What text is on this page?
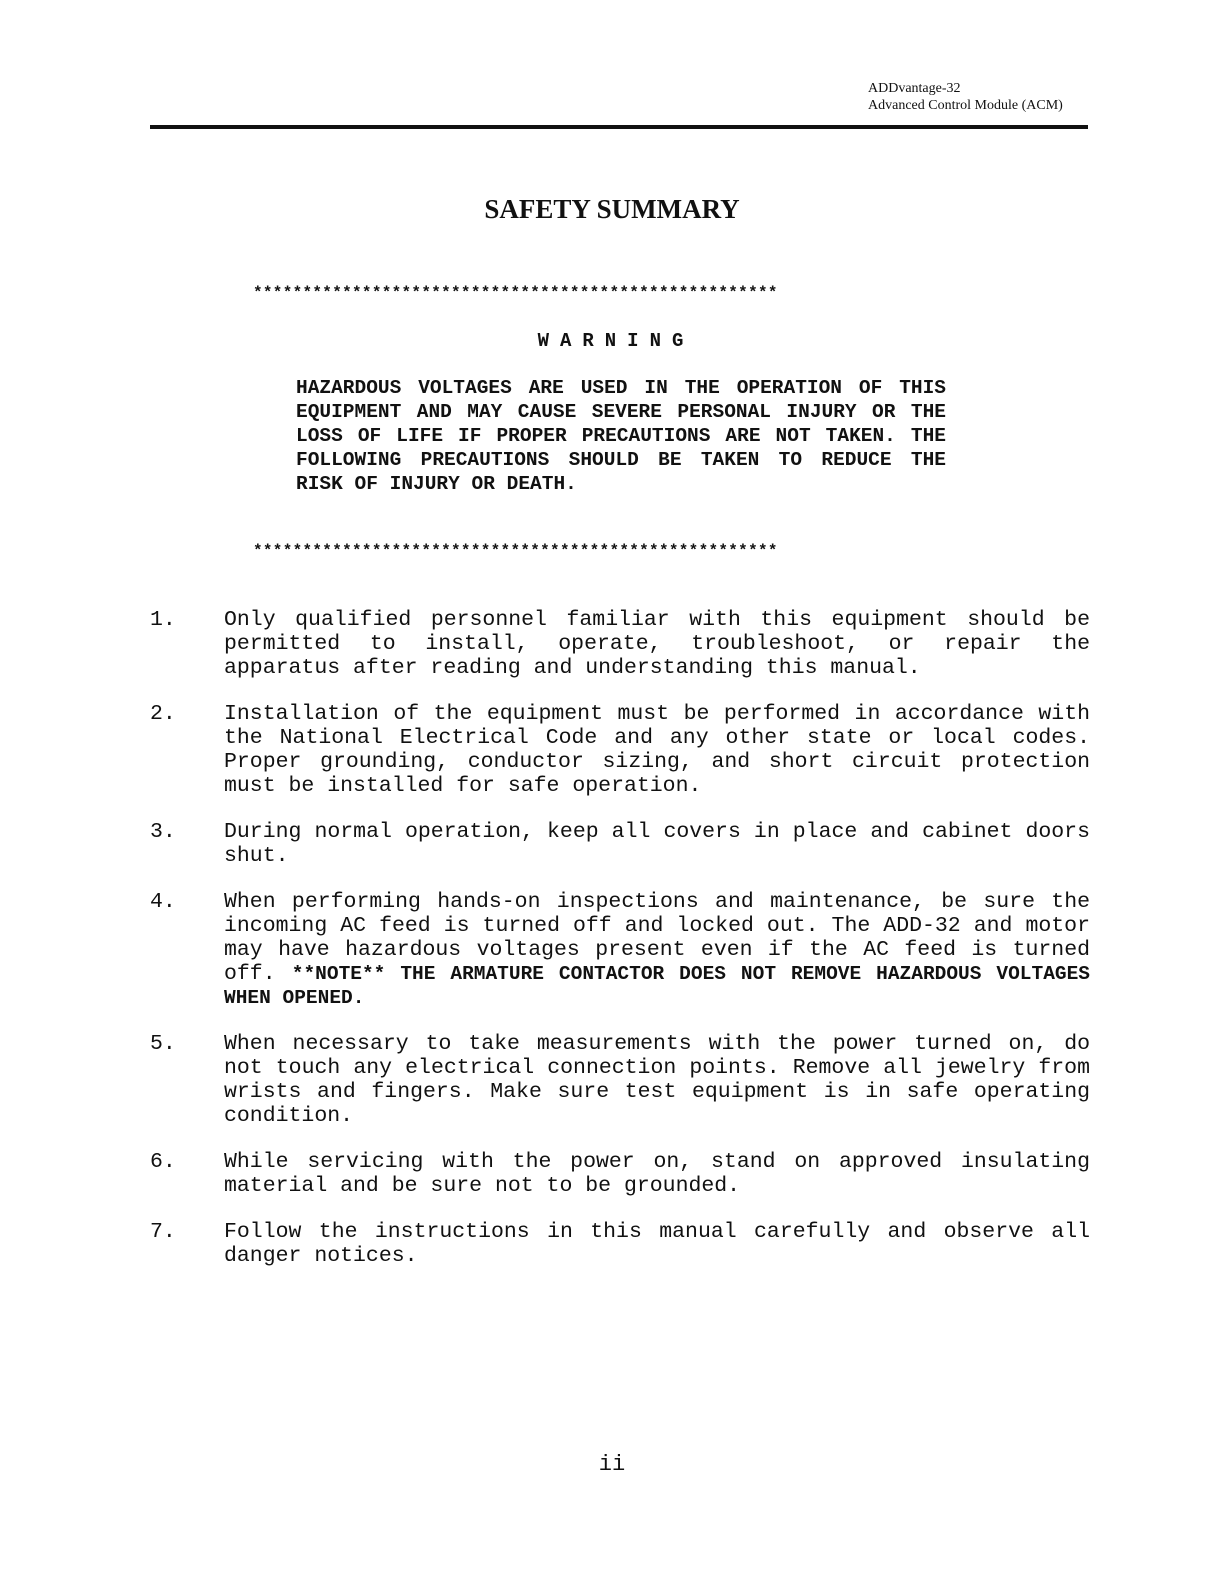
ADDvantage-32
Advanced Control Module (ACM)
SAFETY SUMMARY
*****************************************************
WARNING
HAZARDOUS VOLTAGES ARE USED IN THE OPERATION OF THIS EQUIPMENT AND MAY CAUSE SEVERE PERSONAL INJURY OR THE LOSS OF LIFE IF PROPER PRECAUTIONS ARE NOT TAKEN. THE FOLLOWING PRECAUTIONS SHOULD BE TAKEN TO REDUCE THE RISK OF INJURY OR DEATH.
*****************************************************
1.	Only qualified personnel familiar with this equipment should be permitted to install, operate, troubleshoot, or repair the apparatus after reading and understanding this manual.
2.	Installation of the equipment must be performed in accordance with the National Electrical Code and any other state or local codes. Proper grounding, conductor sizing, and short circuit protection must be installed for safe operation.
3.	During normal operation, keep all covers in place and cabinet doors shut.
4.	When performing hands-on inspections and maintenance, be sure the incoming AC feed is turned off and locked out. The ADD-32 and motor may have hazardous voltages present even if the AC feed is turned off. **NOTE** THE ARMATURE CONTACTOR DOES NOT REMOVE HAZARDOUS VOLTAGES WHEN OPENED.
5.	When necessary to take measurements with the power turned on, do not touch any electrical connection points. Remove all jewelry from wrists and fingers. Make sure test equipment is in safe operating condition.
6.	While servicing with the power on, stand on approved insulating material and be sure not to be grounded.
7.	Follow the instructions in this manual carefully and observe all danger notices.
ii
